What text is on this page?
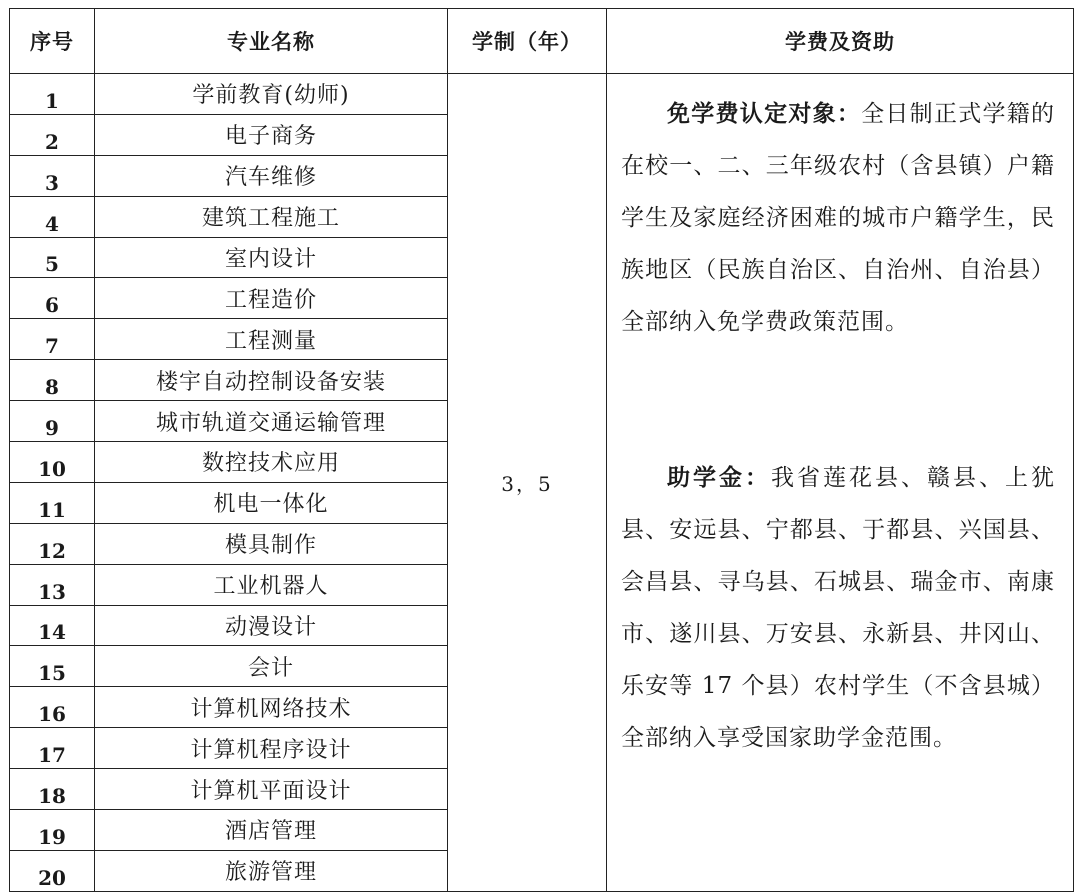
序号	专业名称	学制（年）	学费及资助
1	学前教育(幼师)	3，5	免学费认定对象：全日制正式学籍的在校一、二、三年级农村（含县镇）户籍学生及家庭经济困难的城市户籍学生，民族地区（民族自治区、自治州、自治县）全部纳入免学费政策范围。
助学金：我省莲花县、赣县、上犹县、安远县、宁都县、于都县、兴国县、会昌县、寻乌县、石城县、瑞金市、南康市、遂川县、万安县、永新县、井冈山、乐安等 17 个县）农村学生（不含县城）全部纳入享受国家助学金范围。

2	电子商务		
3	汽车维修		
4	建筑工程施工		
5	室内设计		
6	工程造价		
7	工程测量		
8	楼宇自动控制设备安装		
9	城市轨道交通运输管理		
10	数控技术应用		
11	机电一体化		
12	模具制作		
13	工业机器人		
14	动漫设计		
15	会计		
16	计算机网络技术		
17	计算机程序设计		
18	计算机平面设计		
19	酒店管理		
20	旅游管理		
